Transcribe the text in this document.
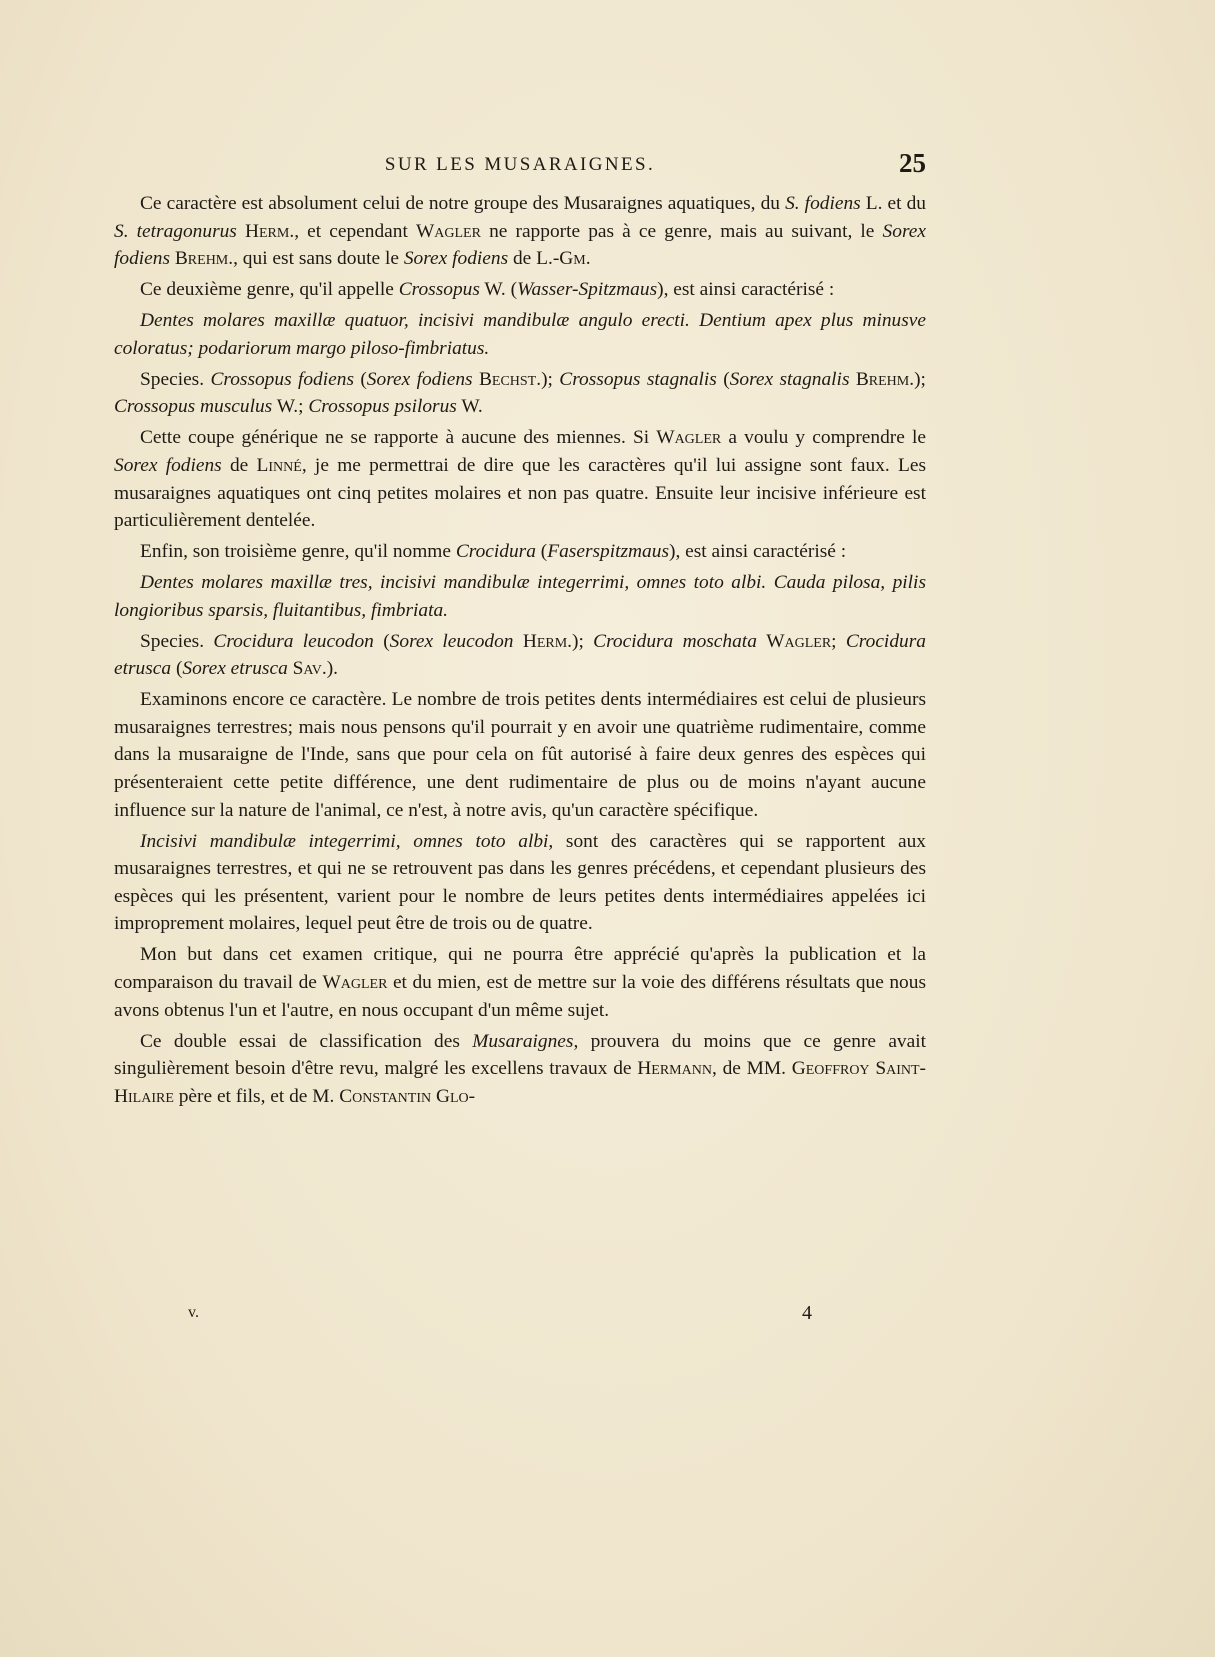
SUR LES MUSARAIGNES.	25

Ce caractère est absolument celui de notre groupe des Musaraignes aquatiques, du S. fodiens L. et du S. tetragonurus Herm., et cependant Wagler ne rapporte pas à ce genre, mais au suivant, le Sorex fodiens Brehm., qui est sans doute le Sorex fodiens de L.-Gm.

Ce deuxième genre, qu'il appelle Crossopus W. (Wasser-Spitzmaus), est ainsi caractérisé :

Dentes molares maxillæ quatuor, incisivi mandibulæ angulo erecti. Dentium apex plus minusve coloratus; podariorum margo piloso-fimbriatus.

Species. Crossopus fodiens (Sorex fodiens Bechst.); Crossopus stagnalis (Sorex stagnalis Brehm.); Crossopus musculus W.; Crossopus psilorus W.

Cette coupe générique ne se rapporte à aucune des miennes. Si Wagler a voulu y comprendre le Sorex fodiens de Linné, je me permettrai de dire que les caractères qu'il lui assigne sont faux. Les musaraignes aquatiques ont cinq petites molaires et non pas quatre. Ensuite leur incisive inférieure est particulièrement dentelée.

Enfin, son troisième genre, qu'il nomme Crocidura (Faserspitzmaus), est ainsi caractérisé :

Dentes molares maxillæ tres, incisivi mandibulæ integerrimi, omnes toto albi. Cauda pilosa, pilis longioribus sparsis, fluitantibus, fimbriata.

Species. Crocidura leucodon (Sorex leucodon Herm.); Crocidura moschata Wagler; Crocidura etrusca (Sorex etrusca Sav.).

Examinons encore ce caractère. Le nombre de trois petites dents intermédiaires est celui de plusieurs musaraignes terrestres; mais nous pensons qu'il pourrait y en avoir une quatrième rudimentaire, comme dans la musaraigne de l'Inde, sans que pour cela on fût autorisé à faire deux genres des espèces qui présenteraient cette petite différence, une dent rudimentaire de plus ou de moins n'ayant aucune influence sur la nature de l'animal, ce n'est, à notre avis, qu'un caractère spécifique.

Incisivi mandibulæ integerrimi, omnes toto albi, sont des caractères qui se rapportent aux musaraignes terrestres, et qui ne se retrouvent pas dans les genres précédens, et cependant plusieurs des espèces qui les présentent, varient pour le nombre de leurs petites dents intermédiaires appelées ici improprement molaires, lequel peut être de trois ou de quatre.

Mon but dans cet examen critique, qui ne pourra être apprécié qu'après la publication et la comparaison du travail de Wagler et du mien, est de mettre sur la voie des différens résultats que nous avons obtenus l'un et l'autre, en nous occupant d'un même sujet.

Ce double essai de classification des Musaraignes, prouvera du moins que ce genre avait singulièrement besoin d'être revu, malgré les excellens travaux de Hermann, de MM. Geoffroy Saint-Hilaire père et fils, et de M. Constantin Glo-

v.	4
